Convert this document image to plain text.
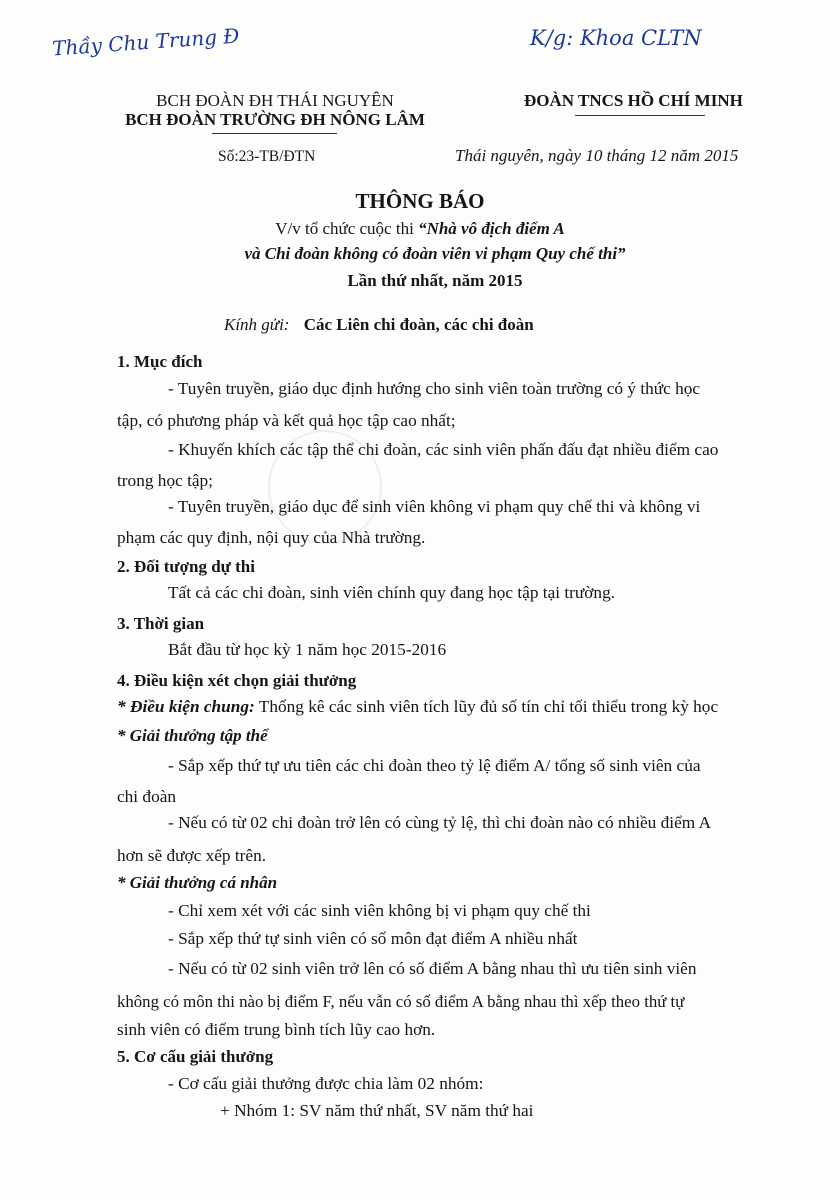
Thầy Chu Trung Đ	K/g: Khoa CLTN
BCH ĐOÀN ĐH THÁI NGUYÊN
BCH ĐOÀN TRƯỜNG ĐH NÔNG LÂM
ĐOÀN TNCS HỒ CHÍ MINH
Số:23-TB/ĐTN	Thái nguyên, ngày 10 tháng 12 năm 2015
THÔNG BÁO
V/v tổ chức cuộc thi “Nhà vô địch điểm A
và Chi đoàn không có đoàn viên vi phạm Quy chế thi”
Lần thứ nhất, năm 2015
Kính gửi: Các Liên chi đoàn, các chi đoàn
1. Mục đích
- Tuyên truyền, giáo dục định hướng cho sinh viên toàn trường có ý thức học
tập, có phương pháp và kết quả học tập cao nhất;
- Khuyến khích các tập thể chi đoàn, các sinh viên phấn đấu đạt nhiều điểm cao
trong học tập;
- Tuyên truyền, giáo dục để sinh viên không vi phạm quy chế thi và không vi
phạm các quy định, nội quy của Nhà trường.
2. Đối tượng dự thi
Tất cả các chi đoàn, sinh viên chính quy đang học tập tại trường.
3. Thời gian
Bắt đầu từ học kỳ 1 năm học 2015-2016
4. Điều kiện xét chọn giải thưởng
* Điều kiện chung: Thống kê các sinh viên tích lũy đủ số tín chỉ tối thiểu trong kỳ học
* Giải thưởng tập thể
- Sắp xếp thứ tự ưu tiên các chi đoàn theo tỷ lệ điểm A/ tổng số sinh viên của
chi đoàn
- Nếu có từ 02 chi đoàn trở lên có cùng tỷ lệ, thì chi đoàn nào có nhiều điểm A
hơn sẽ được xếp trên.
* Giải thưởng cá nhân
- Chỉ xem xét với các sinh viên không bị vi phạm quy chế thi
- Sắp xếp thứ tự sinh viên có số môn đạt điểm A nhiều nhất
- Nếu có từ 02 sinh viên trở lên có số điểm A bằng nhau thì ưu tiên sinh viên
không có môn thi nào bị điểm F, nếu vẫn có số điểm A bằng nhau thì xếp theo thứ tự
sinh viên có điểm trung bình tích lũy cao hơn.
5. Cơ cấu giải thưởng
- Cơ cấu giải thưởng được chia làm 02 nhóm:
+ Nhóm 1: SV năm thứ nhất, SV năm thứ hai
